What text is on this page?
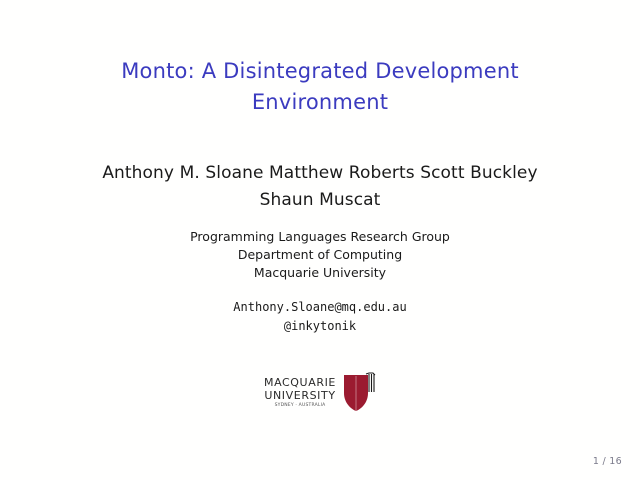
Monto: A Disintegrated Development
Environment
Anthony M. Sloane Matthew Roberts Scott Buckley
Shaun Muscat
Programming Languages Research Group
Department of Computing
Macquarie University
Anthony.Sloane@mq.edu.au
@inkytonik
MACQUARIE
UNIVERSITY
SYDNEY · AUSTRALIA
1 / 16
